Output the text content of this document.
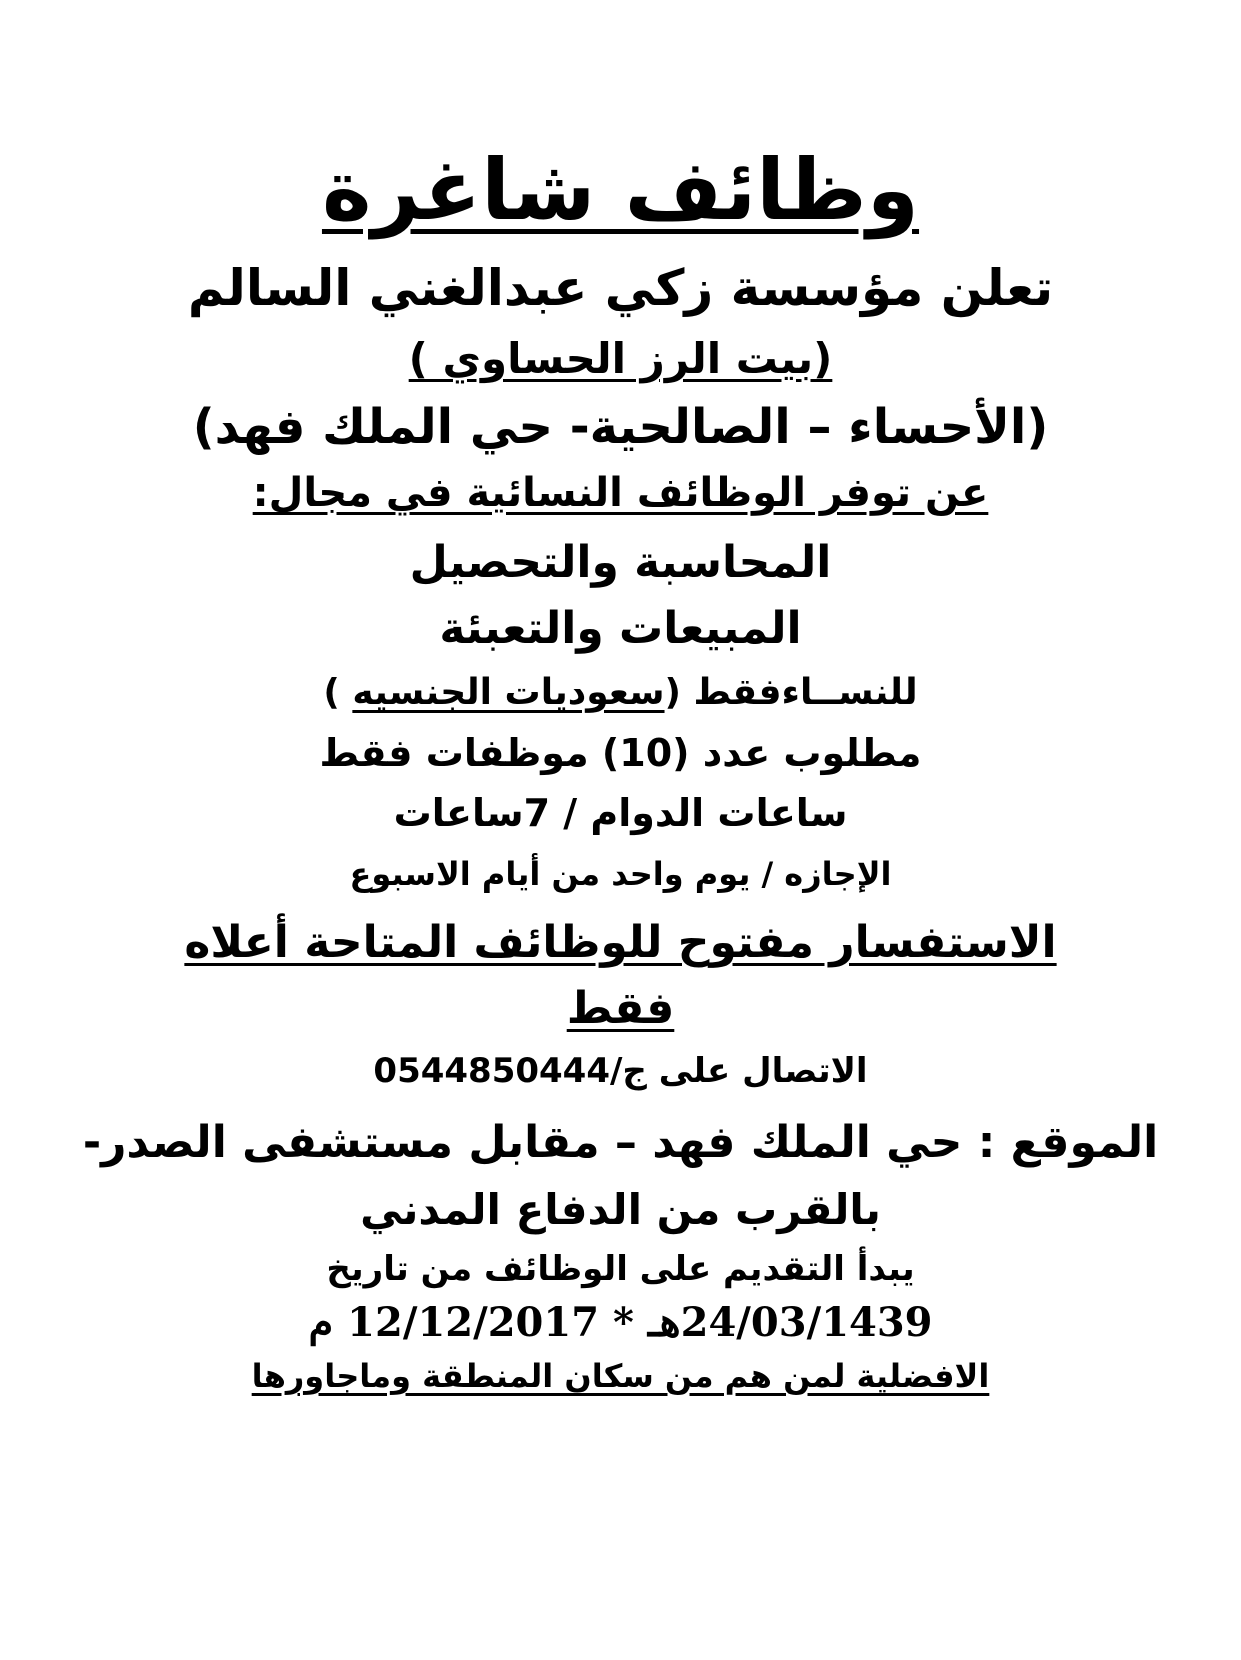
وظائف شاغرة
تعلن مؤسسة زكي عبدالغني السالم
(بيت الرز الحساوي )
(الأحساء – الصالحية- حي الملك فهد)
عن توفر الوظائف النسائية في مجال:
المحاسبة والتحصيل
المبيعات والتعبئة
للنســاءفقط (سعوديات الجنسيه )
مطلوب عدد (10) موظفات فقط
ساعات الدوام / 7ساعات
الإجازه / يوم واحد من أيام الاسبوع
الاستفسار مفتوح للوظائف المتاحة أعلاه
فقط
الاتصال على ج/0544850444
الموقع : حي الملك فهد – مقابل مستشفى الصدر-
بالقرب من الدفاع المدني
يبدأ التقديم على الوظائف من تاريخ
24/03/1439هـ * 12/12/2017 م
الافضلية لمن هم من سكان المنطقة وماجاورها
